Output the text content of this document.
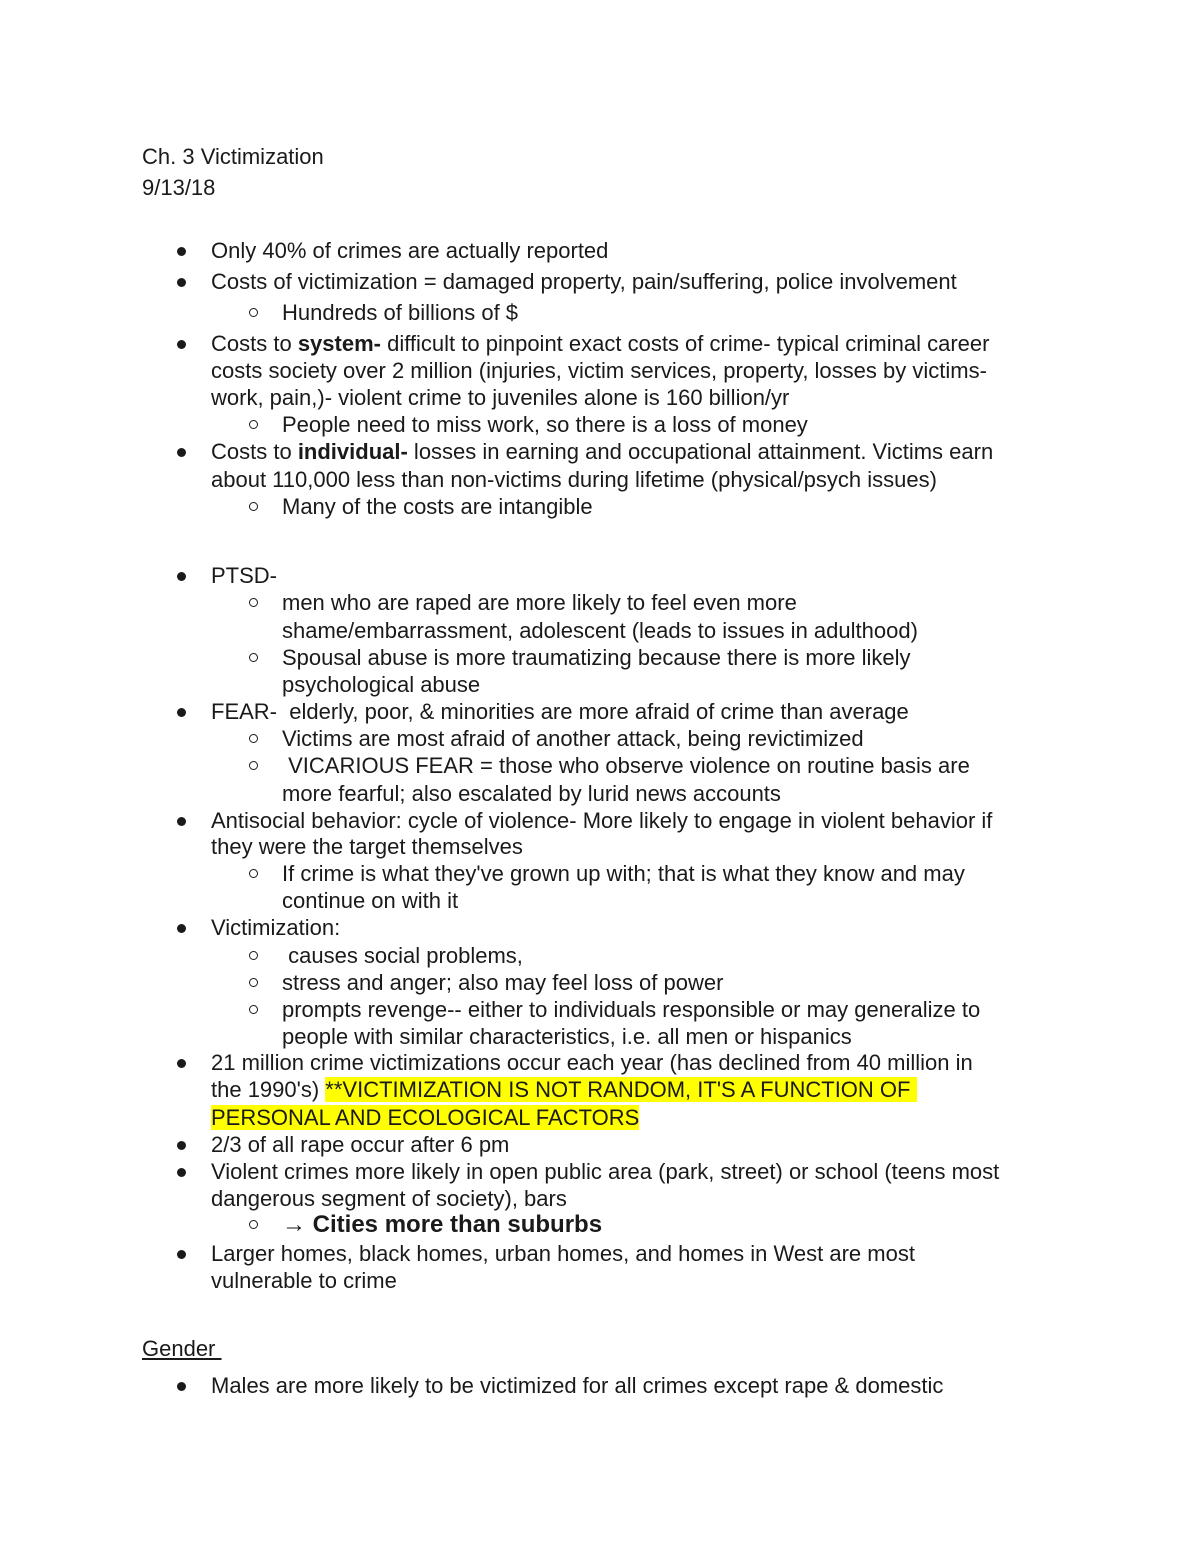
Ch. 3 Victimization
9/13/18
Only 40% of crimes are actually reported
Costs of victimization = damaged property, pain/suffering, police involvement
Hundreds of billions of $
Costs to system- difficult to pinpoint exact costs of crime- typical criminal career
costs society over 2 million (injuries, victim services, property, losses by victims-
work, pain,)- violent crime to juveniles alone is 160 billion/yr
People need to miss work, so there is a loss of money
Costs to individual- losses in earning and occupational attainment. Victims earn
about 110,000 less than non-victims during lifetime (physical/psych issues)
Many of the costs are intangible
PTSD-
men who are raped are more likely to feel even more
shame/embarrassment, adolescent (leads to issues in adulthood)
Spousal abuse is more traumatizing because there is more likely
psychological abuse
FEAR-  elderly, poor, & minorities are more afraid of crime than average
Victims are most afraid of another attack, being revictimized
VICARIOUS FEAR = those who observe violence on routine basis are
more fearful; also escalated by lurid news accounts
Antisocial behavior: cycle of violence- More likely to engage in violent behavior if
they were the target themselves
If crime is what they've grown up with; that is what they know and may
continue on with it
Victimization:
causes social problems,
stress and anger; also may feel loss of power
prompts revenge-- either to individuals responsible or may generalize to
people with similar characteristics, i.e. all men or hispanics
21 million crime victimizations occur each year (has declined from 40 million in
the 1990's) **VICTIMIZATION IS NOT RANDOM, IT'S A FUNCTION OF
PERSONAL AND ECOLOGICAL FACTORS
2/3 of all rape occur after 6 pm
Violent crimes more likely in open public area (park, street) or school (teens most
dangerous segment of society), bars
→ Cities more than suburbs
Larger homes, black homes, urban homes, and homes in West are most
vulnerable to crime
Gender
Males are more likely to be victimized for all crimes except rape & domestic
